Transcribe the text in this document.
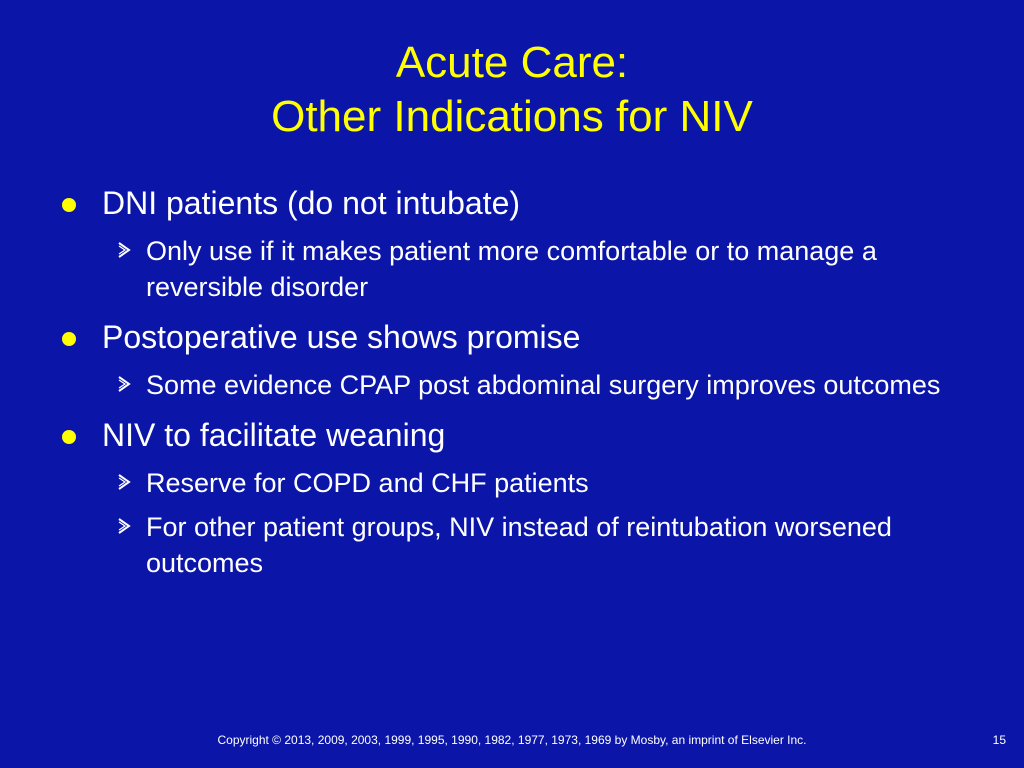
Acute Care:
Other Indications for NIV
DNI patients (do not intubate)
Only use if it makes patient more comfortable or to manage a reversible disorder
Postoperative use shows promise
Some evidence CPAP post abdominal surgery improves outcomes
NIV to facilitate weaning
Reserve for COPD and CHF patients
For other patient groups, NIV instead of reintubation worsened outcomes
Copyright © 2013, 2009, 2003, 1999, 1995, 1990, 1982, 1977, 1973, 1969 by Mosby, an imprint of Elsevier Inc.	15
